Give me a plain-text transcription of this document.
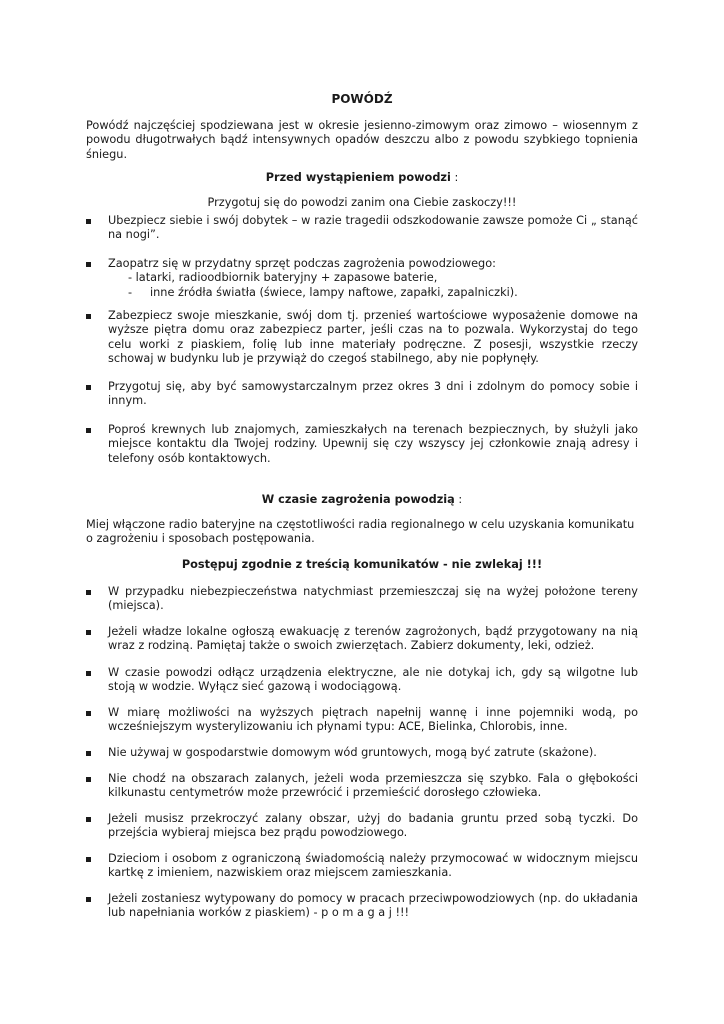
POWÓDŹ
Powódź najczęściej spodziewana jest w okresie jesienno-zimowym oraz zimowo – wiosennym z powodu długotrwałych bądź intensywnych opadów deszczu albo z powodu szybkiego topnienia śniegu.
Przed wystąpieniem powodzi :
Przygotuj się do powodzi zanim ona Ciebie zaskoczy!!!
Ubezpiecz siebie i swój dobytek – w razie tragedii odszkodowanie zawsze pomoże Ci „ stanąć na nogi”.
Zaopatrz się w przydatny sprzęt podczas zagrożenia powodziowego:
- latarki, radioodbiornik bateryjny + zapasowe baterie,
- inne źródła światła (świece, lampy naftowe, zapałki, zapalniczki).
Zabezpiecz swoje mieszkanie, swój dom tj. przenieś wartościowe wyposażenie domowe na wyższe piętra domu oraz zabezpiecz parter, jeśli czas na to pozwala. Wykorzystaj do tego celu worki z piaskiem, folię lub inne materiały podręczne. Z posesji, wszystkie rzeczy schowaj w budynku lub je przywiąż do czegoś stabilnego, aby nie popłynęły.
Przygotuj się, aby być samowystarczalnym przez okres 3 dni i zdolnym do pomocy sobie i innym.
Poproś krewnych lub znajomych, zamieszkałych na terenach bezpiecznych, by służyli jako miejsce kontaktu dla Twojej rodziny. Upewnij się czy wszyscy jej członkowie znają adresy i telefony osób kontaktowych.
W czasie zagrożenia powodzią :
Miej włączone radio bateryjne na częstotliwości radia regionalnego w celu uzyskania komunikatu o zagrożeniu i sposobach postępowania.
Postępuj zgodnie z treścią komunikatów - nie zwlekaj !!!
W przypadku niebezpieczeństwa natychmiast przemieszczaj się na wyżej położone tereny (miejsca).
Jeżeli władze lokalne ogłoszą ewakuację z terenów zagrożonych, bądź przygotowany na nią wraz z rodziną. Pamiętaj także o swoich zwierzętach. Zabierz dokumenty, leki, odzież.
W czasie powodzi odłącz urządzenia elektryczne, ale nie dotykaj ich, gdy są wilgotne lub stoją w wodzie. Wyłącz sieć gazową i wodociągową.
W miarę możliwości na wyższych piętrach napełnij wannę i inne pojemniki wodą, po wcześniejszym wysterylizowaniu ich płynami typu: ACE, Bielinka, Chlorobis, inne.
Nie używaj w gospodarstwie domowym wód gruntowych, mogą być zatrute (skażone).
Nie chodź na obszarach zalanych, jeżeli woda przemieszcza się szybko. Fala o głębokości kilkunastu centymetrów może przewrócić i przemieścić dorosłego człowieka.
Jeżeli musisz przekroczyć zalany obszar, użyj do badania gruntu przed sobą tyczki. Do przejścia wybieraj miejsca bez prądu powodziowego.
Dzieciom i osobom z ograniczoną świadomością należy przymocować w widocznym miejscu kartkę z imieniem, nazwiskiem oraz miejscem zamieszkania.
Jeżeli zostaniesz wytypowany do pomocy w pracach przeciwpowodziowych (np. do układania lub napełniania worków z piaskiem) - p o m a g a j !!!
